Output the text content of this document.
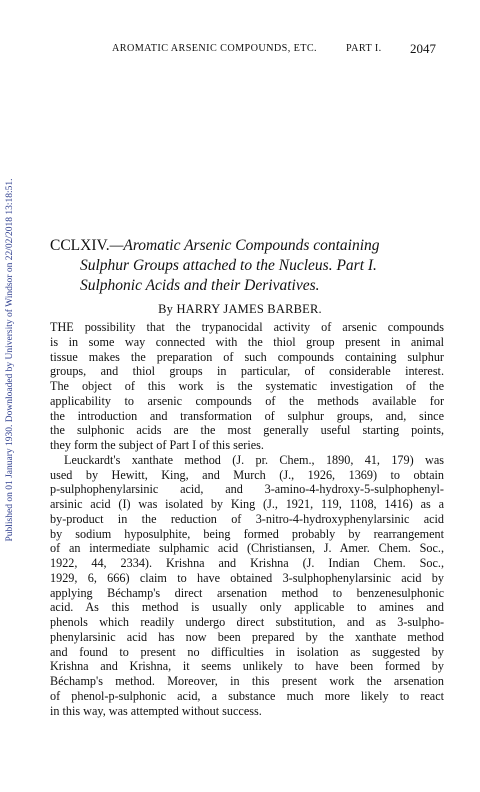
Published on 01 January 1930. Downloaded by University of Windsor on 22/02/2018 13:18:51.
AROMATIC ARSENIC COMPOUNDS, ETC.	PART I. 2047
CCLXIV.—Aromatic Arsenic Compounds containing
Sulphur Groups attached to the Nucleus. Part I.
Sulphonic Acids and their Derivatives.
By HARRY JAMES BARBER.
THE possibility that the trypanocidal activity of arsenic compounds
is in some way connected with the thiol group present in animal
tissue makes the preparation of such compounds containing sulphur
groups, and thiol groups in particular, of considerable interest.
The object of this work is the systematic investigation of the
applicability to arsenic compounds of the methods available for
the introduction and transformation of sulphur groups, and, since
the sulphonic acids are the most generally useful starting points,
they form the subject of Part I of this series.
Leuckardt's xanthate method (J. pr. Chem., 1890, 41, 179) was
used by Hewitt, King, and Murch (J., 1926, 1369) to obtain
p-sulphophenylarsinic acid, and 3-amino-4-hydroxy-5-sulphophenyl-
arsinic acid (I) was isolated by King (J., 1921, 119, 1108, 1416) as a
by-product in the reduction of 3-nitro-4-hydroxyphenylarsinic acid
by sodium hyposulphite, being formed probably by rearrangement
of an intermediate sulphamic acid (Christiansen, J. Amer. Chem. Soc.,
1922, 44, 2334). Krishna and Krishna (J. Indian Chem. Soc.,
1929, 6, 666) claim to have obtained 3-sulphophenylarsinic acid by
applying Béchamp's direct arsenation method to benzenesulphonic
acid. As this method is usually only applicable to amines and
phenols which readily undergo direct substitution, and as 3-sulpho-
phenylarsinic acid has now been prepared by the xanthate method
and found to present no difficulties in isolation as suggested by
Krishna and Krishna, it seems unlikely to have been formed by
Béchamp's method. Moreover, in this present work the arsenation
of phenol-p-sulphonic acid, a substance much more likely to react
in this way, was attempted without success.
